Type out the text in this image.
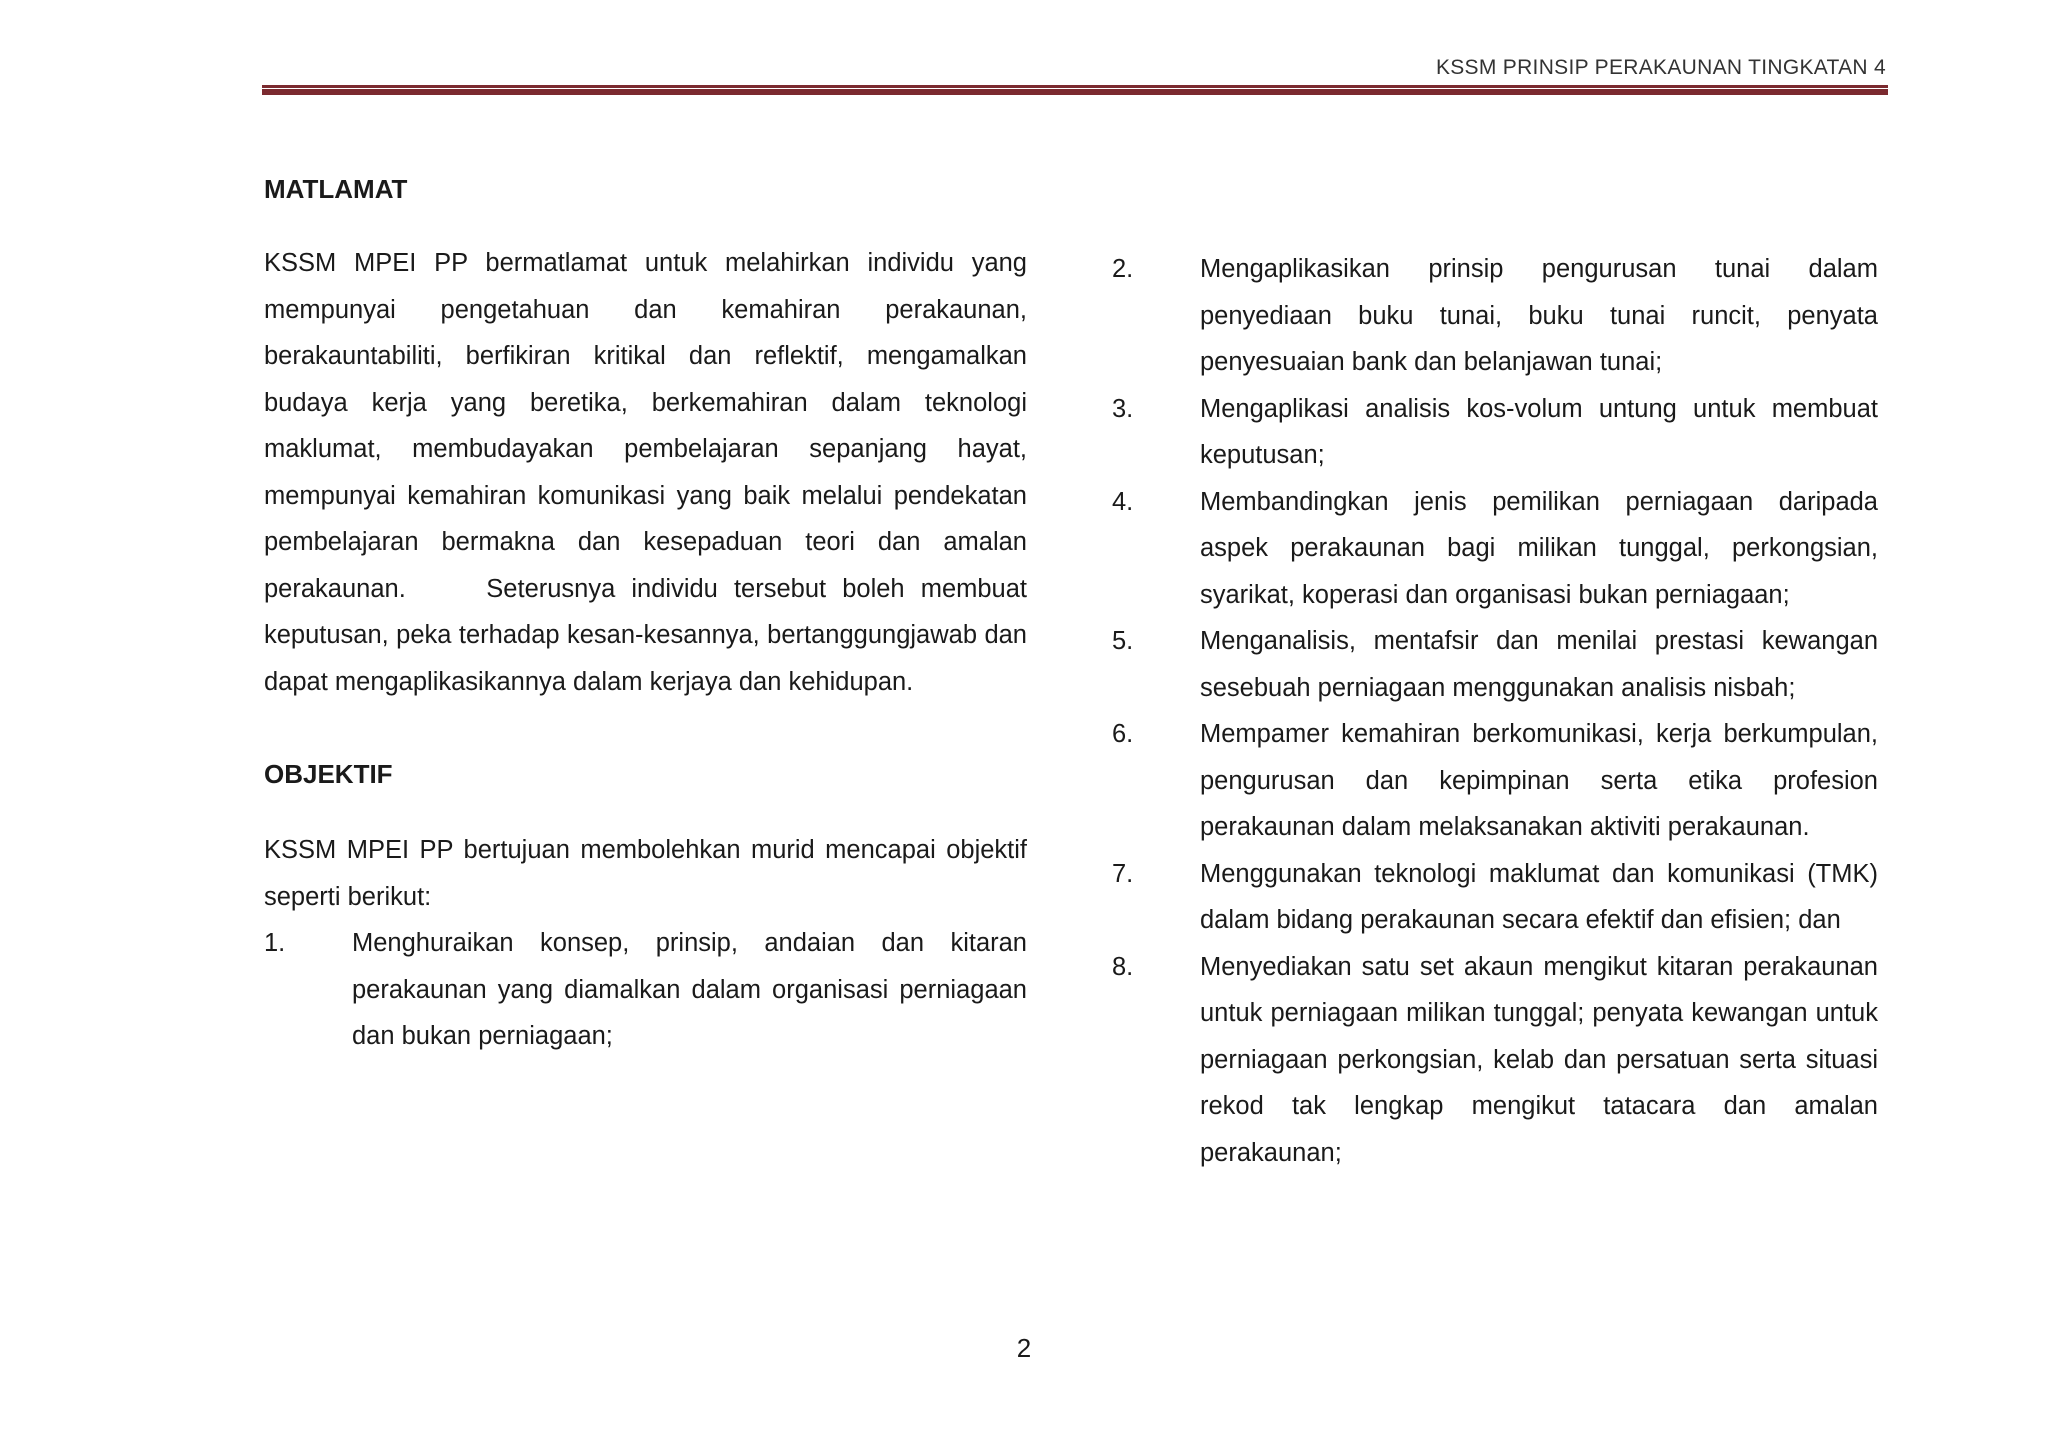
KSSM PRINSIP PERAKAUNAN TINGKATAN 4
MATLAMAT

KSSM MPEI PP bermatlamat untuk melahirkan individu yang mempunyai pengetahuan dan kemahiran perakaunan, berakauntabiliti, berfikiran kritikal dan reflektif, mengamalkan budaya kerja yang beretika, berkemahiran dalam teknologi maklumat, membudayakan pembelajaran sepanjang hayat, mempunyai kemahiran komunikasi yang baik melalui pendekatan pembelajaran bermakna dan kesepaduan teori dan amalan perakaunan.     Seterusnya individu tersebut boleh membuat keputusan, peka terhadap kesan-kesannya, bertanggungjawab dan dapat mengaplikasikannya dalam kerjaya dan kehidupan.

OBJEKTIF

KSSM MPEI PP bertujuan membolehkan murid mencapai objektif seperti berikut:

1.	Menghuraikan konsep, prinsip, andaian dan kitaran perakaunan yang diamalkan dalam organisasi perniagaan dan bukan perniagaan;
2.	Mengaplikasikan prinsip pengurusan tunai dalam penyediaan buku tunai, buku tunai runcit, penyata penyesuaian bank dan belanjawan tunai;
3.	Mengaplikasi analisis kos-volum untung untuk membuat keputusan;
4.	Membandingkan jenis pemilikan perniagaan daripada aspek perakaunan bagi milikan tunggal, perkongsian, syarikat, koperasi dan organisasi bukan perniagaan;
5.	Menganalisis, mentafsir dan menilai prestasi kewangan sesebuah perniagaan menggunakan analisis nisbah;
6.	Mempamer kemahiran berkomunikasi, kerja berkumpulan, pengurusan dan kepimpinan serta etika profesion perakaunan dalam melaksanakan aktiviti perakaunan.
7.	Menggunakan teknologi maklumat dan komunikasi (TMK) dalam bidang perakaunan secara efektif dan efisien; dan
8.	Menyediakan satu set akaun mengikut kitaran perakaunan untuk perniagaan milikan tunggal; penyata kewangan untuk perniagaan perkongsian, kelab dan persatuan serta situasi rekod tak lengkap mengikut tatacara dan amalan perakaunan;
2
